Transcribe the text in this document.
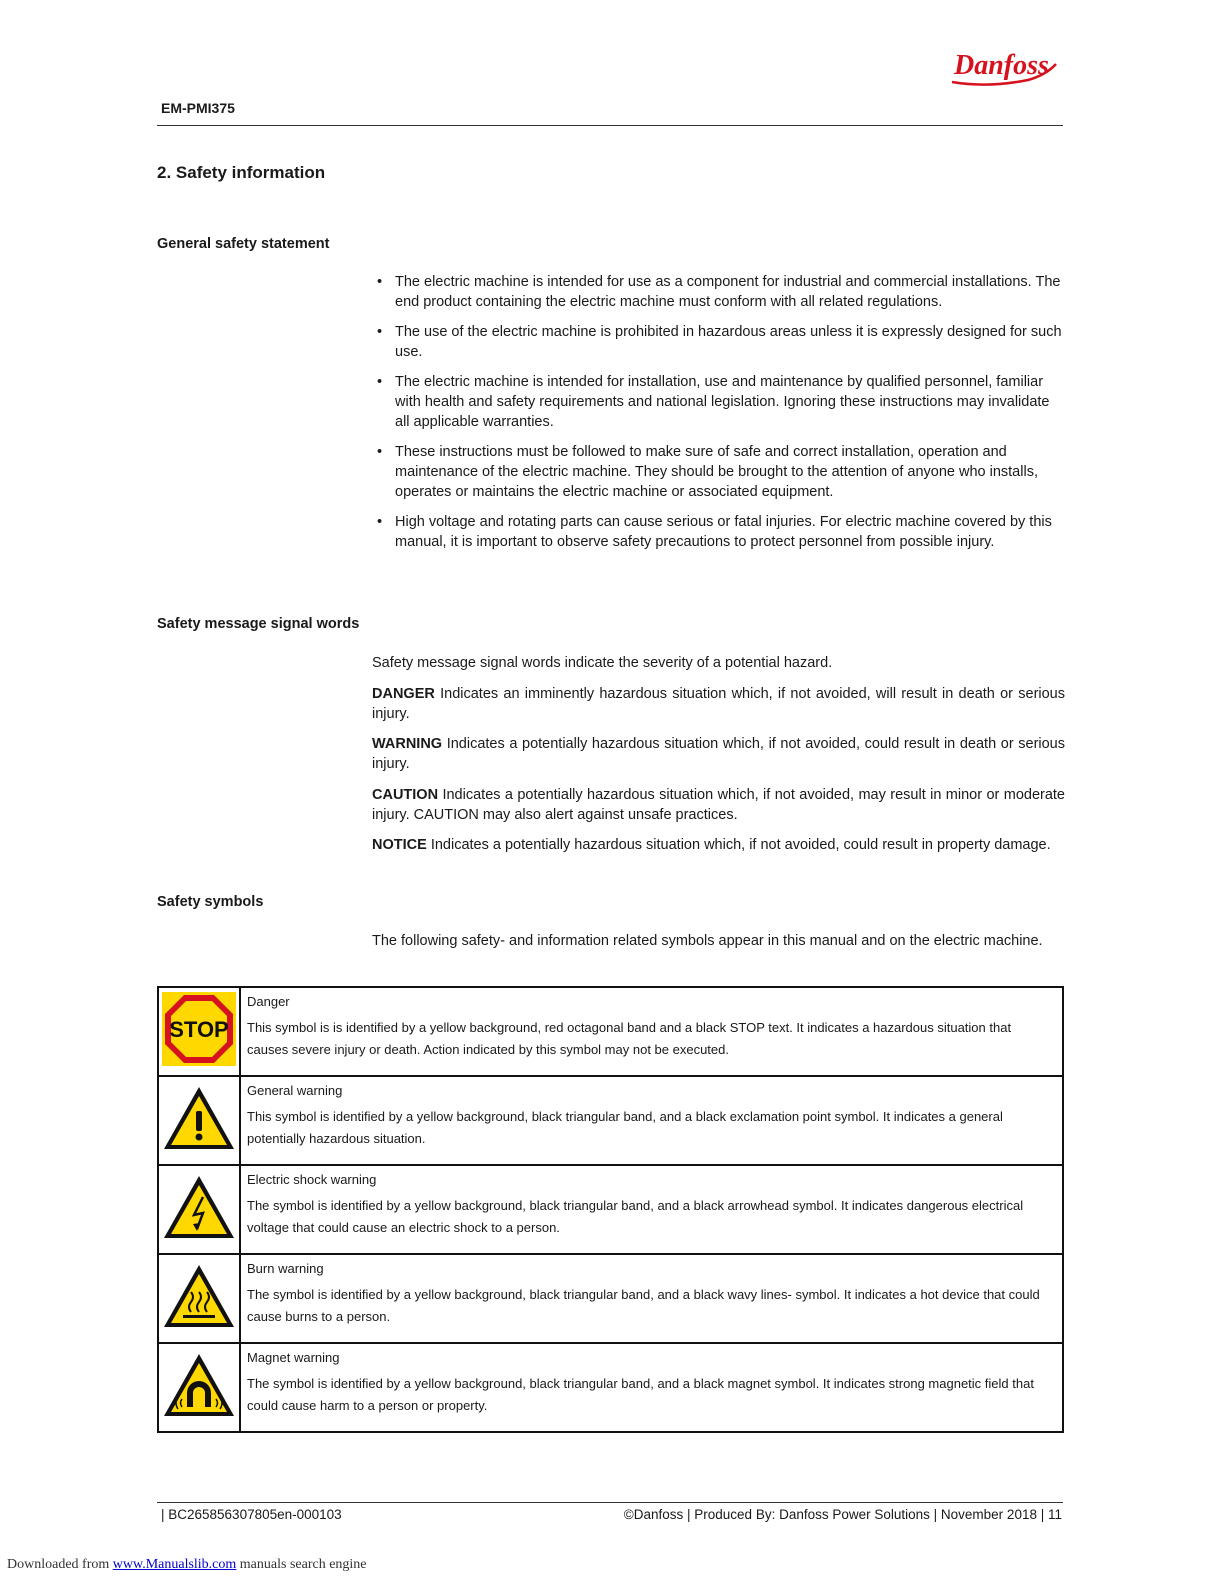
Danfoss
EM-PMI375
2. Safety information
General safety statement
• The electric machine is intended for use as a component for industrial and commercial installations. The end product containing the electric machine must conform with all related regulations.
• The use of the electric machine is prohibited in hazardous areas unless it is expressly designed for such use.
• The electric machine is intended for installation, use and maintenance by qualified personnel, familiar with health and safety requirements and national legislation. Ignoring these instructions may invalidate all applicable warranties.
• These instructions must be followed to make sure of safe and correct installation, operation and maintenance of the electric machine. They should be brought to the attention of anyone who installs, operates or maintains the electric machine or associated equipment.
• High voltage and rotating parts can cause serious or fatal injuries. For electric machine covered by this manual, it is important to observe safety precautions to protect personnel from possible injury.
Safety message signal words
Safety message signal words indicate the severity of a potential hazard.
DANGER Indicates an imminently hazardous situation which, if not avoided, will result in death or serious injury.
WARNING Indicates a potentially hazardous situation which, if not avoided, could result in death or serious injury.
CAUTION Indicates a potentially hazardous situation which, if not avoided, may result in minor or moderate injury. CAUTION may also alert against unsafe practices.
NOTICE Indicates a potentially hazardous situation which, if not avoided, could result in property damage.
Safety symbols
The following safety- and information related symbols appear in this manual and on the electric machine.
STOP	Danger
This symbol is is identified by a yellow background, red octagonal band and a black STOP text. It indicates a hazardous situation that causes severe injury or death. Action indicated by this symbol may not be executed.

General warning
This symbol is identified by a yellow background, black triangular band, and a black exclamation point symbol. It indicates a general potentially hazardous situation.

Electric shock warning
The symbol is identified by a yellow background, black triangular band, and a black arrowhead symbol. It indicates dangerous electrical voltage that could cause an electric shock to a person.

Burn warning
The symbol is identified by a yellow background, black triangular band, and a black wavy lines- symbol. It indicates a hot device that could cause burns to a person.

Magnet warning
The symbol is identified by a yellow background, black triangular band, and a black magnet symbol. It indicates strong magnetic field that could cause harm to a person or property.
| BC265856307805en-000103	©Danfoss | Produced By: Danfoss Power Solutions | November 2018 | 11
Downloaded from www.Manualslib.com manuals search engine
